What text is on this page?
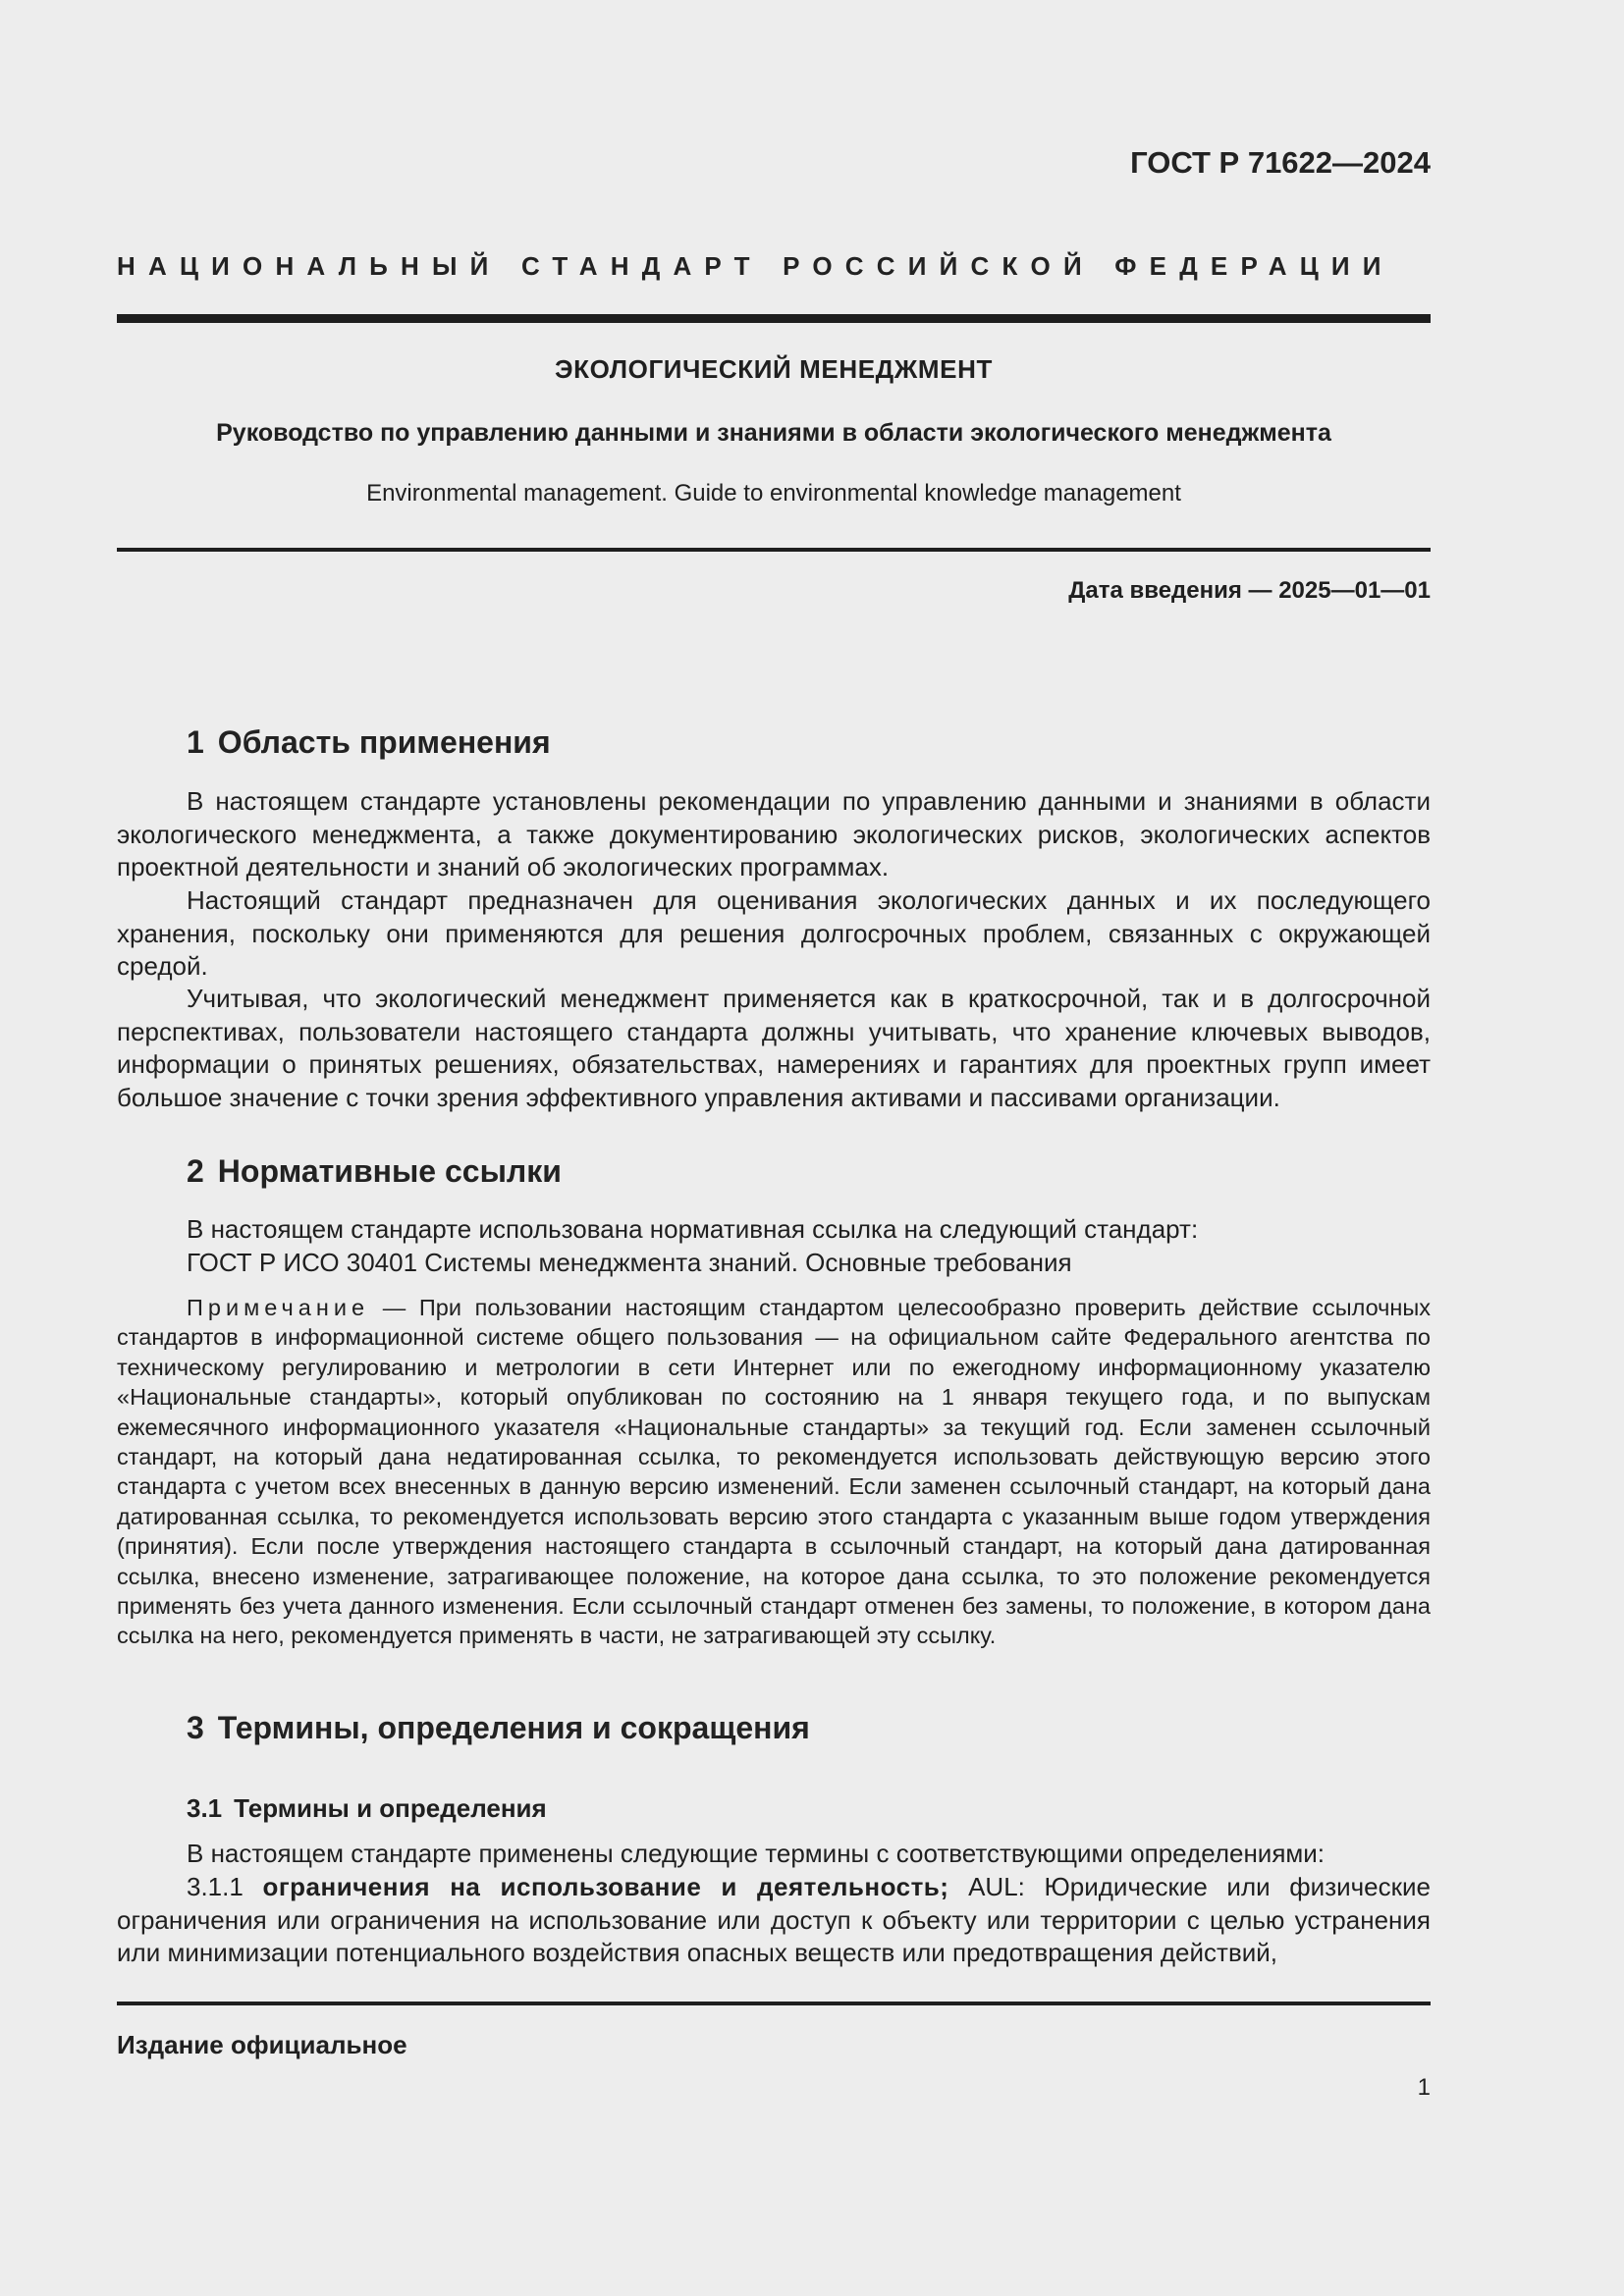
ГОСТ Р 71622—2024
НАЦИОНАЛЬНЫЙ СТАНДАРТ РОССИЙСКОЙ ФЕДЕРАЦИИ
ЭКОЛОГИЧЕСКИЙ МЕНЕДЖМЕНТ
Руководство по управлению данными и знаниями в области экологического менеджмента
Environmental management. Guide to environmental knowledge management
Дата введения — 2025—01—01
1 Область применения

В настоящем стандарте установлены рекомендации по управлению данными и знаниями в области экологического менеджмента, а также документированию экологических рисков, экологических аспектов проектной деятельности и знаний об экологических программах.

Настоящий стандарт предназначен для оценивания экологических данных и их последующего хранения, поскольку они применяются для решения долгосрочных проблем, связанных с окружающей средой.

Учитывая, что экологический менеджмент применяется как в краткосрочной, так и в долгосрочной перспективах, пользователи настоящего стандарта должны учитывать, что хранение ключевых выводов, информации о принятых решениях, обязательствах, намерениях и гарантиях для проектных групп имеет большое значение с точки зрения эффективного управления активами и пассивами организации.

2 Нормативные ссылки

В настоящем стандарте использована нормативная ссылка на следующий стандарт:

ГОСТ Р ИСО 30401 Системы менеджмента знаний. Основные требования

Примечание — При пользовании настоящим стандартом целесообразно проверить действие ссылочных стандартов в информационной системе общего пользования — на официальном сайте Федерального агентства по техническому регулированию и метрологии в сети Интернет или по ежегодному информационному указателю «Национальные стандарты», который опубликован по состоянию на 1 января текущего года, и по выпускам ежемесячного информационного указателя «Национальные стандарты» за текущий год. Если заменен ссылочный стандарт, на который дана недатированная ссылка, то рекомендуется использовать действующую версию этого стандарта с учетом всех внесенных в данную версию изменений. Если заменен ссылочный стандарт, на который дана датированная ссылка, то рекомендуется использовать версию этого стандарта с указанным выше годом утверждения (принятия). Если после утверждения настоящего стандарта в ссылочный стандарт, на который дана датированная ссылка, внесено изменение, затрагивающее положение, на которое дана ссылка, то это положение рекомендуется применять без учета данного изменения. Если ссылочный стандарт отменен без замены, то положение, в котором дана ссылка на него, рекомендуется применять в части, не затрагивающей эту ссылку.

3 Термины, определения и сокращения
3.1 Термины и определения

В настоящем стандарте применены следующие термины с соответствующими определениями:

3.1.1 ограничения на использование и деятельность; AUL: Юридические или физические ограничения или ограничения на использование или доступ к объекту или территории с целью устранения или минимизации потенциального воздействия опасных веществ или предотвращения действий,

Издание официальное
1
